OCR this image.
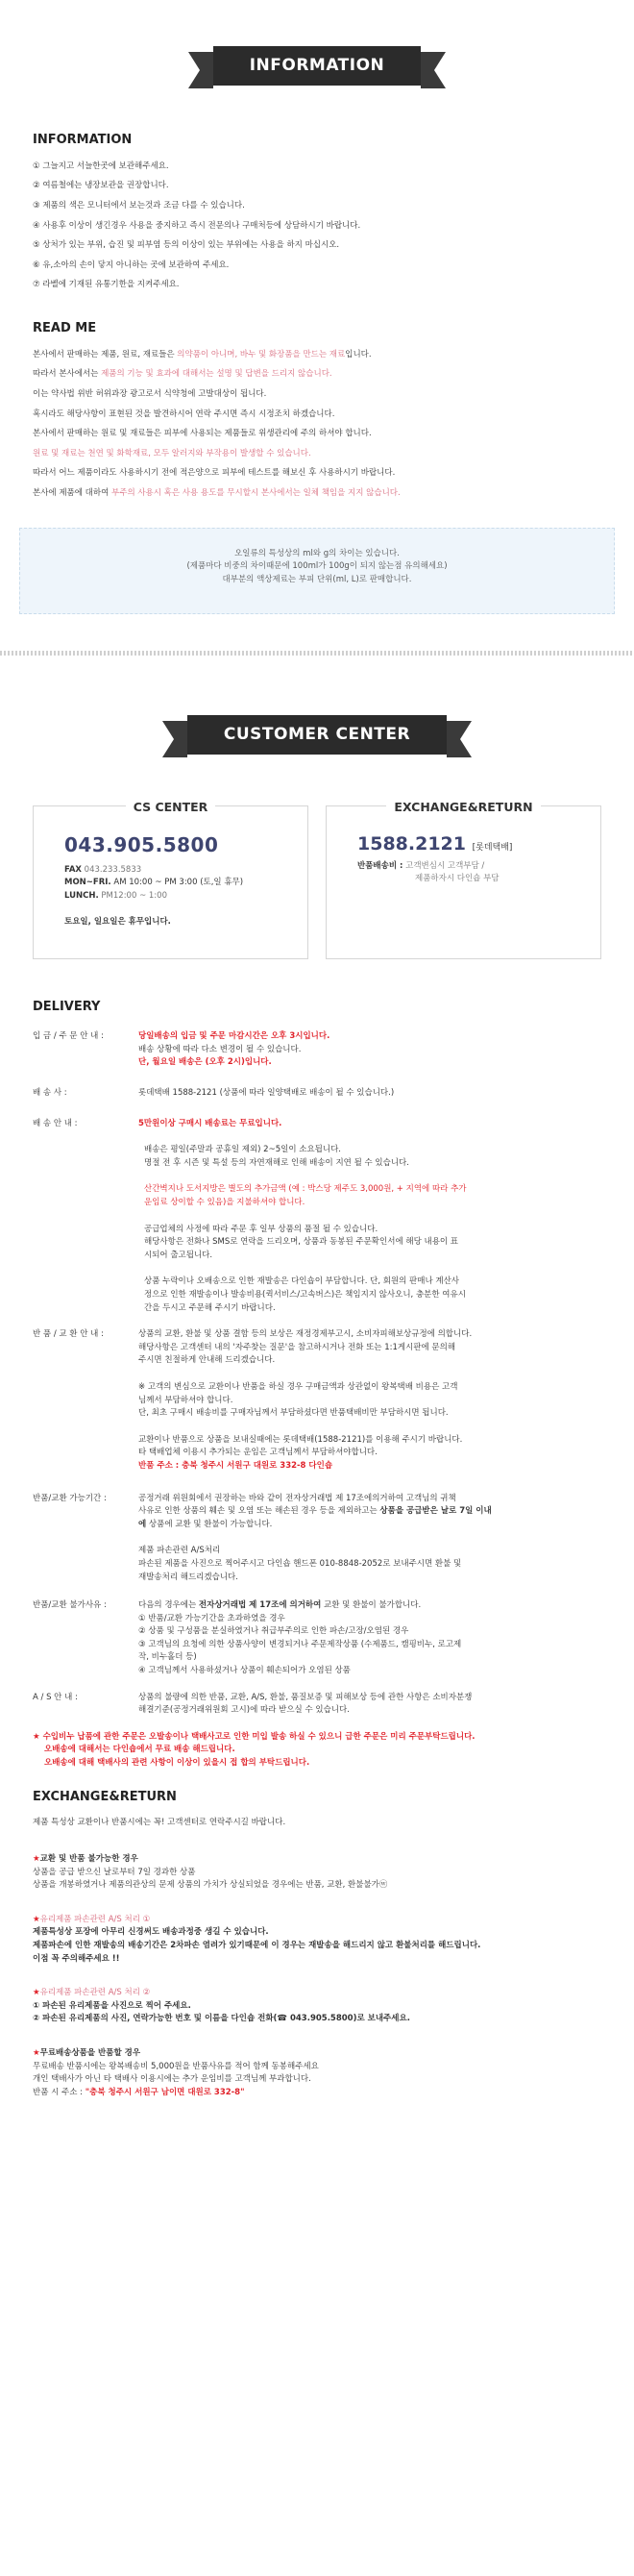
INFORMATION
INFORMATION
① 그늘지고 서늘한곳에 보관해주세요.
② 여름철에는 냉장보관을 권장합니다.
③ 제품의 색은 모니터에서 보는것과 조금 다를 수 있습니다.
④ 사용후 이상이 생긴경우 사용을 중지하고 즉시 전문의나 구매처등에 상담하시기 바랍니다.
⑤ 상처가 있는 부위, 습진 및 피부염 등의 이상이 있는 부위에는 사용을 하지 마십시오.
⑥ 유,소아의 손이 닿지 아니하는 곳에 보관하여 주세요.
⑦ 라벨에 기재된 유통기한을 지켜주세요.
READ ME
본사에서 판매하는 제품, 원료, 재료들은 의약품이 아니며, 바누 및 화장품을 만드는 재료입니다.
따라서 본사에서는 제품의 기능 및 효과에 대해서는 설명 및 답변을 드리지 않습니다.
이는 약사법 위반 허위과장 광고로서 식약청에 고발대상이 됩니다.
혹시라도 해당사항이 표현된 것을 발견하시어 연락 주시면 즉시 시정조치 하겠습니다.
본사에서 판매하는 원료 및 재료들은 피부에 사용되는 제품들로 위생관리에 주의 하셔야 합니다.
원료 및 재료는 천연 및 화학재료, 모두 알러지와 부작용이 발생할 수 있습니다.
따라서 어느 제품이라도 사용하시기 전에 적은양으로 피부에 테스트를 해보신 후 사용하시기 바랍니다.
본사에 제품에 대하여 부주의 사용시 혹은 사용 용도를 무시할시 본사에서는 일체 책임을 지지 않습니다.
오일류의 특성상의 ml와 g의 차이는 있습니다.
(제품마다 비중의 차이때문에 100ml가 100g이 되지 않는점 유의해세요)
대부분의 액상제료는 부피 단위(ml, L)로 판매합니다.
CUSTOMER CENTER
CS CENTER
043.905.5800
FAX 043.233.5833
MON~FRI. AM 10:00 ~ PM 3:00 (토,일 휴무)
LUNCH. PM12:00 ~ 1:00
토요일, 일요일은 휴무입니다.
EXCHANGE&RETURN
1588.2121 [롯데택배]
반품배송비 : 고객변심시 고객부담 /
제품하자시 다인숍 부담
DELIVERY
입 금 / 주 문 안 내 :	당일배송의 입금 및 주문 마감시간은 오후 3시입니다.

배송 상황에 따라 다소 변경이 될 수 있습니다.

단, 월요일 배송은 (오후 2시)입니다.

배 송 사 :	롯데택배 1588-2121 (상품에 따라 일양택배로 배송이 될 수 있습니다.)
배 송 안 내 :	5만원이상 구매시 배송료는 무료입니다.

배송은 평일(주말과 공휴일 제외) 2~5일이 소요됩니다.

명절 전 후 시즌 및 특설 등의 자연재해로 인해 배송이 지연 될 수 있습니다.

산간벽지나 도서지방은 별도의 추가금액 (예 : 박스당 제주도 3,000원, + 지역에 따라 추가

운임료 상이할 수 있음)을 지불하셔야 합니다.

공급업체의 사정에 따라 주문 후 일부 상품의 품절 될 수 있습니다.

해당사항은 전화나 SMS로 연락을 드리오며, 상품과 동봉된 주문확인서에 해당 내용이 표

시되어 출고됩니다.

상품 누락이나 오배송으로 인한 재발송은 다인숍이 부담합니다. 단, 회원의 판매나 계산사

정으로 인한 재발송이나 발송비용(퀵서비스/고속버스)은 책임지지 않사오니, 충분한 여유시

간을 두시고 주문해 주시기 바랍니다.

반 품 / 교 환 안 내 :	상품의 교환, 환불 및 상품 결함 등의 보상은 재정경제부고시, 소비자피해보상규정에 의합니다.

해당사항은 고객센터 내의 '자주찾는 질문'을 참고하시거나 전화 또는 1:1게시판에 문의해

주시면 친절하게 안내해 드리겠습니다.

※ 고객의 변심으로 교환이나 반품을 하실 경우 구매금액과 상관없이 왕복택배 비용은 고객

님께서 부담하셔야 합니다.

단, 최초 구매시 배송비를 구매자님께서 부담하셨다면 반품택배비만 부담하시면 됩니다.

교환이나 반품으로 상품을 보내실때에는 롯데택배(1588-2121)를 이용해 주시기 바랍니다.

타 택배업체 이용시 추가되는 운임은 고객님께서 부담하셔야합니다.

반품 주소 : 충북 청주시 서원구 대원로 332-8 다인숍

반품/교환 가능기간 :	공정거래 위원회에서 권장하는 바와 같이 전자상거래법 제 17조에의거하여 고객님의 귀책

사유로 인한 상품의 훼손 및 오염 또는 해손된 경우 등을 제외하고는 상품을 공급받은 날로 7일 이내

에 상품에 교환 및 환불이 가능합니다.

제품 파손관련 A/S처리

파손된 제품을 사진으로 찍어주시고 다인숍 핸드폰 010-8848-2052로 보내주시면 환불 및

재발송처리 해드리겠습니다.

반품/교환 불가사유 :	다음의 경우에는 전자상거래법 제 17조에 의거하여 교환 및 환불이 불가합니다.

① 반품/교환 가능기간을 초과하였을 경우

② 상품 및 구성품을 분실하였거나 취급부주의로 인한 파손/고장/오염된 경우

③ 고객님의 요청에 의한 상품사양이 변경되거나 주문제작상품 (수제품드, 캠핑비누, 로고제

작, 비누홀더 등)

④ 고객님께서 사용하셨거나 상품이 훼손되어가 오염된 상품

A / S 안 내 :	상품의 불량에 의한 반품, 교환, A/S, 환불, 품질보증 및 피해보상 등에 관한 사항은 소비자분쟁

해결기준(공정거래위원회 고시)에 따라 받으실 수 있습니다.

★ 수입비누 납품에 관한 주문은 오발송이나 택배사고로 인한 미입 발송 하실 수 있으니 급한 주문은 미리 주문부탁드립니다.

오배송에 대해서는 다인숍에서 무료 배송 해드립니다.

오배송에 대해 택배사의 관련 사항이 이상이 있을시 접 합의 부탁드립니다.

EXCHANGE&RETURN
제품 특성상 교환이나 반품시에는 꼭! 고객센터로 연락주시길 바랍니다.

★교환 및 반품 불가능한 경우

상품을 공급 받으신 날로부터 7일 경과한 상품

상품을 개봉하였거나 제품의관상의 문제 상품의 가치가 상실되었을 경우에는 반품, 교환, 환불불가ⓦ

★유리제품 파손관련 A/S 처리 ①

제품특성상 포장에 아무리 신경써도 배송과정중 생길 수 있습니다.

제품파손에 인한 재발송의 배송기간은 2차파손 염려가 있기때문에 이 경우는 재발송을 해드리지 않고 환불처리를 해드립니다.

이점 꼭 주의해주세요 !!

★유리제품 파손관련 A/S 처리 ②

① 파손된 유리제품을 사진으로 찍어 주세요.

② 파손된 유리제품의 사진, 연락가능한 번호 및 이름을 다인숍 전화(☎ 043.905.5800)로 보내주세요.

★무료배송상품을 반품할 경우

무료배송 반품시에는 왕복배송비 5,000원을 반품사유를 적어 함께 동봉해주세요

개인 택배사가 아닌 타 택배사 이용시에는 추가 운임비를 고객님께 부과합니다.

반품 시 주소 : "충북 청주시 서원구 남이면 대원로 332-8"
